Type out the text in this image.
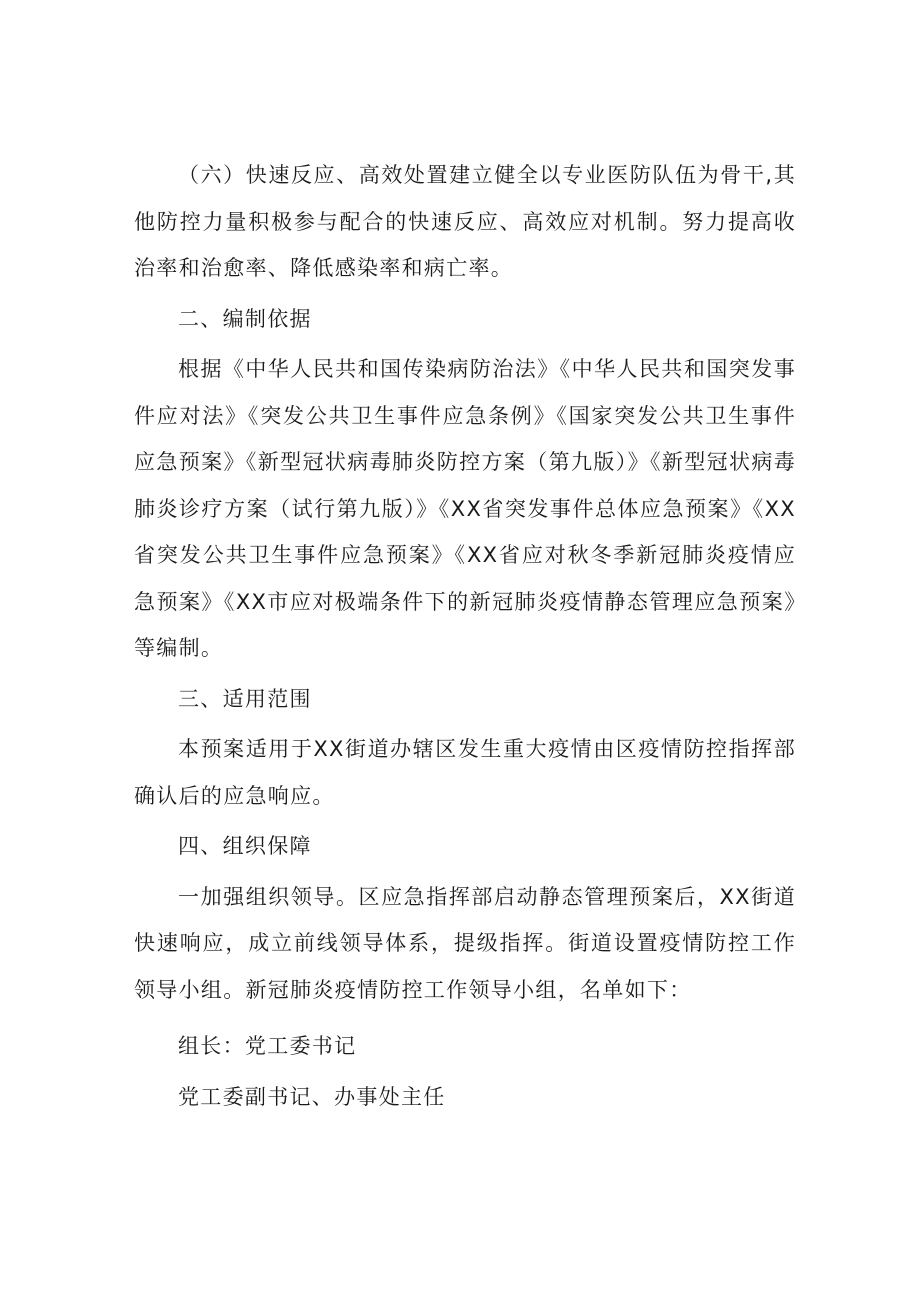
（六）快速反应、高效处置建立健全以专业医防队伍为骨干,其他防控力量积极参与配合的快速反应、高效应对机制。努力提高收治率和治愈率、降低感染率和病亡率。

二、编制依据

根据《中华人民共和国传染病防治法》《中华人民共和国突发事件应对法》《突发公共卫生事件应急条例》《国家突发公共卫生事件应急预案》《新型冠状病毒肺炎防控方案（第九版）》《新型冠状病毒肺炎诊疗方案（试行第九版）》《XX省突发事件总体应急预案》《XX省突发公共卫生事件应急预案》《XX省应对秋冬季新冠肺炎疫情应急预案》《XX市应对极端条件下的新冠肺炎疫情静态管理应急预案》等编制。

三、适用范围

本预案适用于XX街道办辖区发生重大疫情由区疫情防控指挥部确认后的应急响应。

四、组织保障

一加强组织领导。区应急指挥部启动静态管理预案后，XX街道快速响应，成立前线领导体系，提级指挥。街道设置疫情防控工作领导小组。新冠肺炎疫情防控工作领导小组，名单如下：

组长：党工委书记

党工委副书记、办事处主任
